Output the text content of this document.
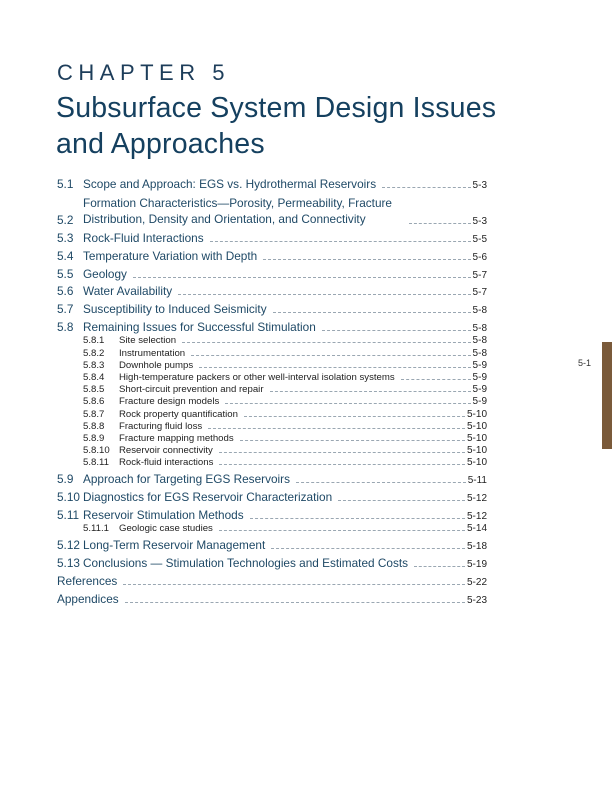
CHAPTER 5
Subsurface System Design Issues and Approaches
5.1 Scope and Approach: EGS vs. Hydrothermal Reservoirs	5-3
5.2
Formation Characteristics—Porosity, Permeability, Fracture Distribution, Density and Orientation, and Connectivity	5-3
5.3 Rock-Fluid Interactions	5-5
5.4 Temperature Variation with Depth	5-6
5.5 Geology	5-7
5.6 Water Availability	5-7
5.7 Susceptibility to Induced Seismicity	5-8
5.8 Remaining Issues for Successful Stimulation	5-8
5.8.1	Site selection	5-8
5.8.2	Instrumentation	5-8
5.8.3	Downhole pumps	5-9
5.8.4	High-temperature packers or other well-interval isolation systems	5-9
5.8.5	Short-circuit prevention and repair	5-9
5.8.6	Fracture design models	5-9
5.8.7	Rock property quantification	5-10
5.8.8	Fracturing fluid loss	5-10
5.8.9	Fracture mapping methods	5-10
5.8.10 Reservoir connectivity	5-10
5.8.11	Rock-fluid interactions	5-10
5.9 Approach for Targeting EGS Reservoirs	5-11
5.10 Diagnostics for EGS Reservoir Characterization	5-12
5.11 Reservoir Stimulation Methods	5-12
5.11.1	Geologic case studies	5-14
5.12 Long-Term Reservoir Management	5-18
5.13 Conclusions — Stimulation Technologies and Estimated Costs	5-19
References	5-22
Appendices	5-23
5-1
